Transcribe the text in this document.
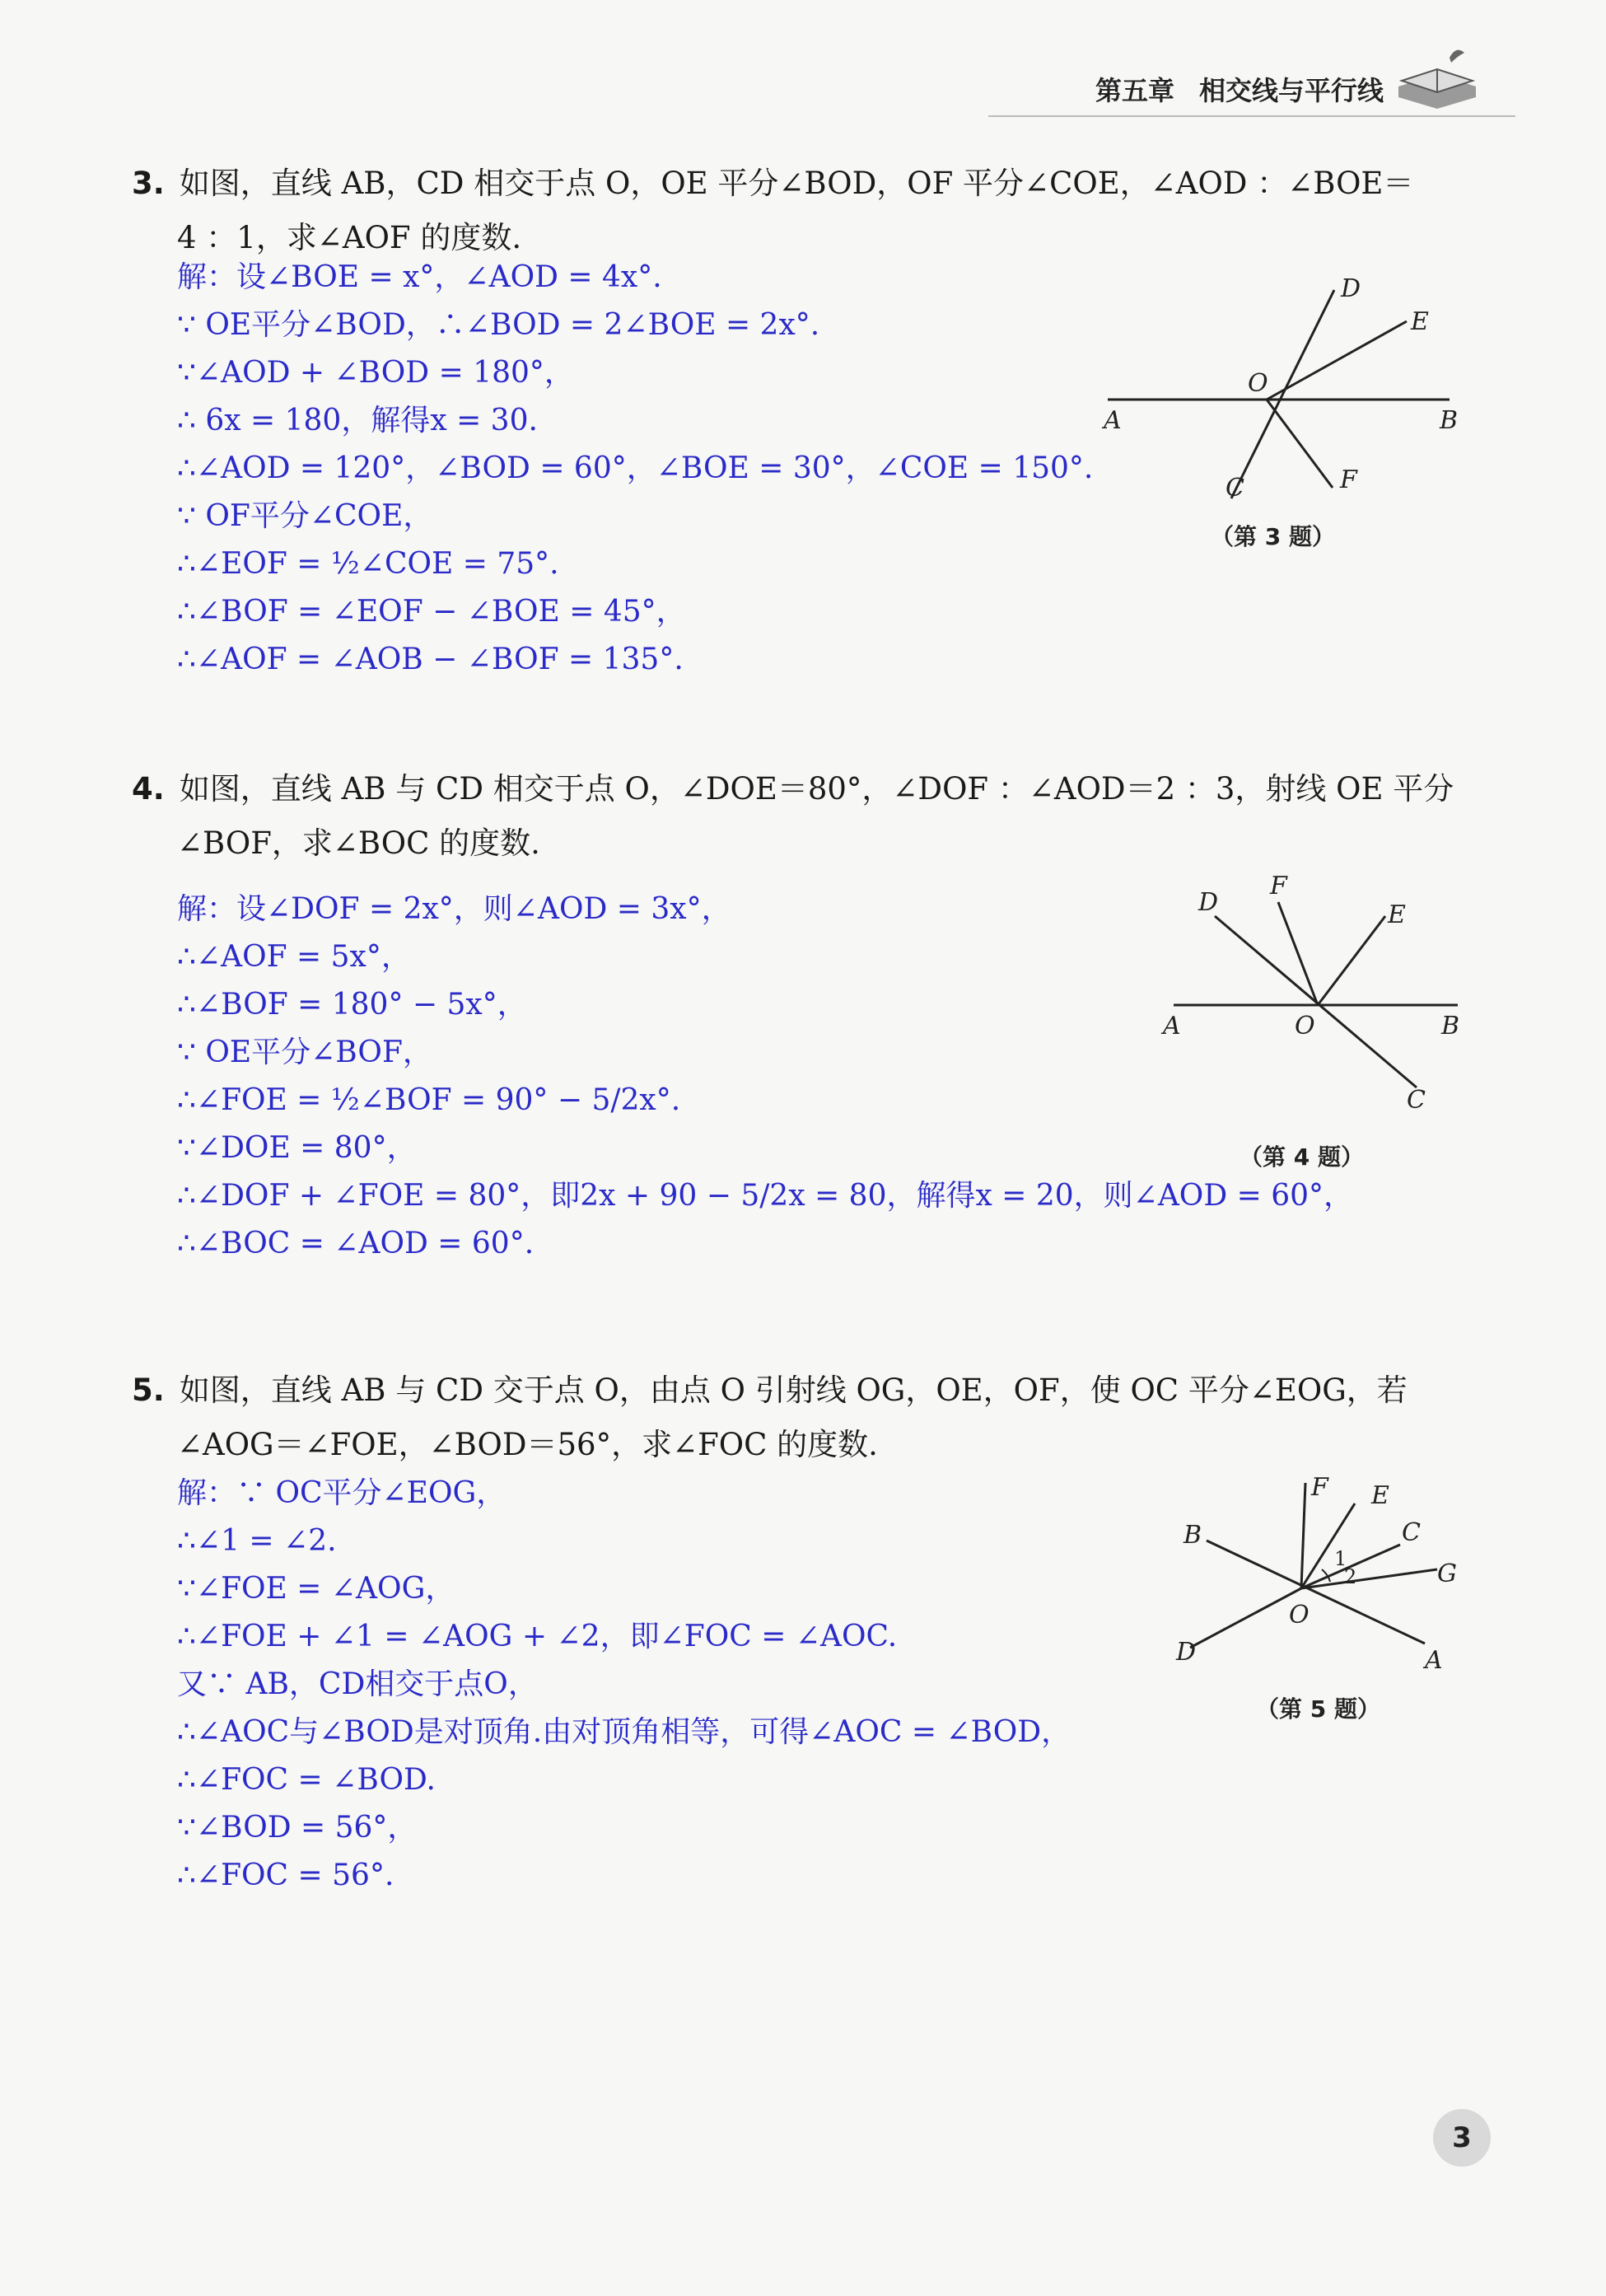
第五章 相交线与平行线
3. 如图，直线 AB，CD 相交于点 O，OE 平分∠BOD，OF 平分∠COE，∠AOD ：∠BOE＝
4 ：1，求∠AOF 的度数.
解：设∠BOE = x°，∠AOD = 4x°.
∵ OE平分∠BOD，∴∠BOD = 2∠BOE = 2x°.
∵∠AOD + ∠BOD = 180°，
∴ 6x = 180，解得x = 30.
∴∠AOD = 120°，∠BOD = 60°，∠BOE = 30°，∠COE = 150°.
∵ OF平分∠COE，
∴∠EOF = ½∠COE = 75°.
∴∠BOF = ∠EOF − ∠BOE = 45°，
∴∠AOF = ∠AOB − ∠BOF = 135°.
A	B
C
D
E
F
O
（第 3 题）
4. 如图，直线 AB 与 CD 相交于点 O，∠DOE＝80°，∠DOF ：∠AOD＝2 ：3，射线 OE 平分
∠BOF，求∠BOC 的度数.
解：设∠DOF = 2x°，则∠AOD = 3x°，
∴∠AOF = 5x°，
∴∠BOF = 180° − 5x°，
∵ OE平分∠BOF，
∴∠FOE = ½∠BOF = 90° − 5/2x°.
∵∠DOE = 80°，
∴∠DOF + ∠FOE = 80°，即2x + 90 − 5/2x = 80，解得x = 20，则∠AOD = 60°，
∴∠BOC = ∠AOD = 60°.
A	B
C
D	E
F
O
（第 4 题）
5. 如图，直线 AB 与 CD 交于点 O，由点 O 引射线 OG，OE，OF，使 OC 平分∠EOG，若
∠AOG＝∠FOE，∠BOD＝56°，求∠FOC 的度数.
解：∵ OC平分∠EOG，
∴∠1 = ∠2.
∵∠FOE = ∠AOG，
∴∠FOE + ∠1 = ∠AOG + ∠2，即∠FOC = ∠AOC.
又∵ AB，CD相交于点O，
∴∠AOC与∠BOD是对顶角.由对顶角相等，可得∠AOC = ∠BOD，
∴∠FOC = ∠BOD.
∵∠BOD = 56°，
∴∠FOC = 56°.
A
B	C
D
E
F
G
O
1
2
（第 5 题）
3
